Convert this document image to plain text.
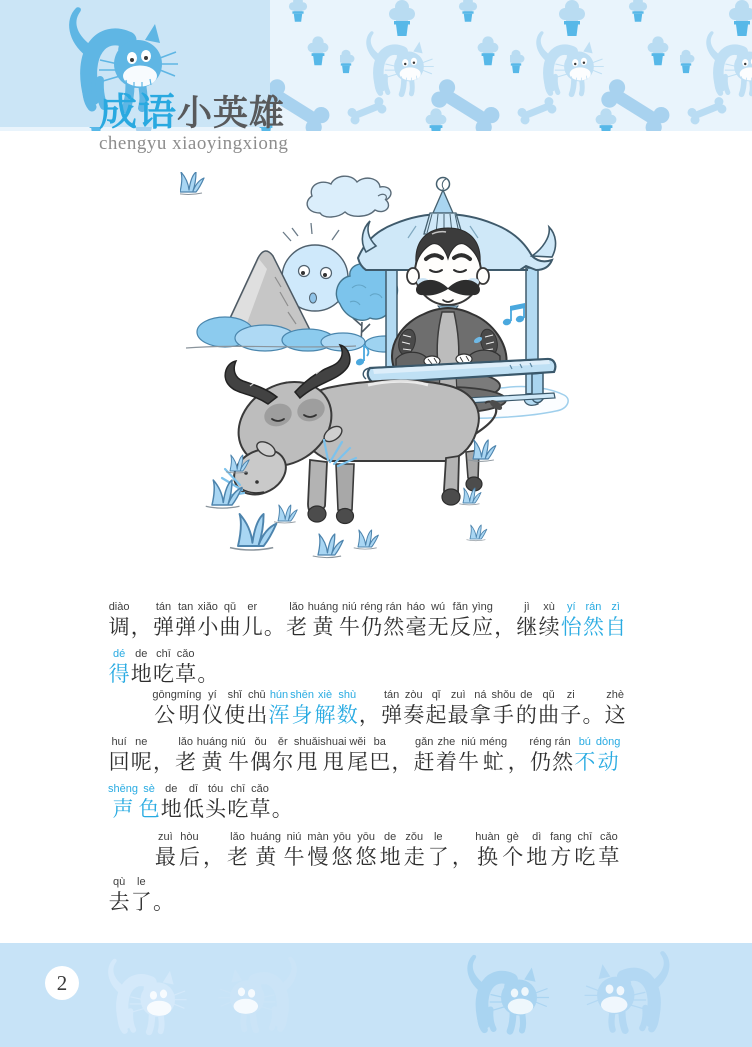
成语小英雄
chengyu xiaoyingxiong
diào
调 ，
tán
弹
tan
弹
xiǎo
小
qǔ
曲
er
儿 。
lǎo
老
huáng
黄
niú
牛
réng
仍
rán
然
háo
毫
wú
无
fǎn
反
yìng
应 ，
jì
继
xù
续
yí
怡
rán
然
zì
自
dé
得
de
地
chī
吃
cǎo
草 。
gōng
公
míng
明
yí
仪
shǐ
使
chū
出
hún
浑
shēn
身
xiè
解
shù
数 ，
tán
弹
zòu
奏
qǐ
起
zuì
最
ná
拿
shǒu
手
de
的
qǔ
曲
zi
子 。
zhè
这
huí
回
ne
呢 ，
lǎo
老
huáng
黄
niú
牛
ǒu
偶
ěr
尔
shuǎi
甩
shuai
甩
wěi
尾
ba
巴 ，
gǎn
赶
zhe
着
niú
牛
méng
虻 ，
réng
仍
rán
然
bú
不
dòng
动
shēng
声
sè
色
de
地
dī
低
tóu
头
chī
吃
cǎo
草 。
zuì
最
hòu
后 ，
lǎo
老
huáng
黄
niú
牛
màn
慢
yōu
悠
yōu
悠
de
地
zǒu
走
le
了 ，
huàn
换
gè
个
dì
地
fang
方
chī
吃
cǎo
草
qù
去
le
了 。
2
